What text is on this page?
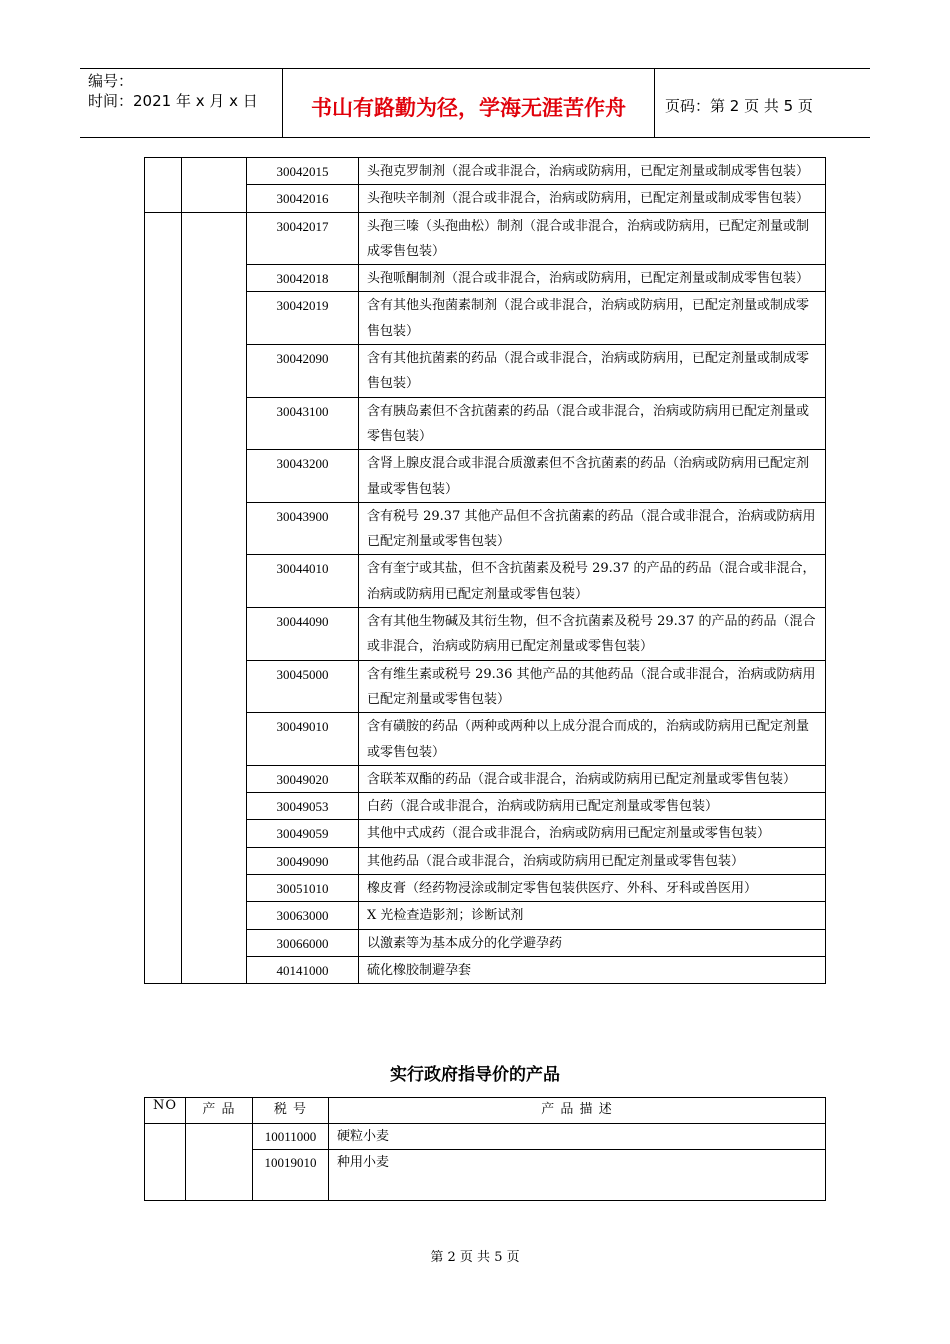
编号：
时间：2021 年 x 月 x 日	书山有路勤为径，学海无涯苦作舟	页码：第 2 页 共 5 页
		30042015	头孢克罗制剂（混合或非混合，治病或防病用，已配定剂量或制成零售包装）
		30042016	头孢呋辛制剂（混合或非混合，治病或防病用，已配定剂量或制成零售包装）
		30042017	头孢三嗪（头孢曲松）制剂（混合或非混合，治病或防病用，已配定剂量或制成零售包装）
		30042018	头孢哌酮制剂（混合或非混合，治病或防病用，已配定剂量或制成零售包装）
		30042019	含有其他头孢菌素制剂（混合或非混合，治病或防病用，已配定剂量或制成零售包装）
		30042090	含有其他抗菌素的药品（混合或非混合，治病或防病用，已配定剂量或制成零售包装）
		30043100	含有胰岛素但不含抗菌素的药品（混合或非混合，治病或防病用已配定剂量或零售包装）
		30043200	含肾上腺皮混合或非混合质激素但不含抗菌素的药品（治病或防病用已配定剂量或零售包装）
		30043900	含有税号 29.37 其他产品但不含抗菌素的药品（混合或非混合，治病或防病用已配定剂量或零售包装）
		30044010	含有奎宁或其盐，但不含抗菌素及税号 29.37 的产品的药品（混合或非混合，治病或防病用已配定剂量或零售包装）
		30044090	含有其他生物碱及其衍生物，但不含抗菌素及税号 29.37 的产品的药品（混合或非混合，治病或防病用已配定剂量或零售包装）
		30045000	含有维生素或税号 29.36 其他产品的其他药品（混合或非混合，治病或防病用已配定剂量或零售包装）
		30049010	含有磺胺的药品（两种或两种以上成分混合而成的，治病或防病用已配定剂量或零售包装）
		30049020	含联苯双酯的药品（混合或非混合，治病或防病用已配定剂量或零售包装）
		30049053	白药（混合或非混合，治病或防病用已配定剂量或零售包装）
		30049059	其他中式成药（混合或非混合，治病或防病用已配定剂量或零售包装）
		30049090	其他药品（混合或非混合，治病或防病用已配定剂量或零售包装）
		30051010	橡皮膏（经药物浸涂或制定零售包装供医疗、外科、牙科或兽医用）
		30063000	X 光检查造影剂；诊断试剂
		30066000	以激素等为基本成分的化学避孕药
		40141000	硫化橡胶制避孕套
实行政府指导价的产品
NO	产 品	税 号	产 品 描 述
		10011000	硬粒小麦
		10019010	种用小麦
第 2 页 共 5 页
